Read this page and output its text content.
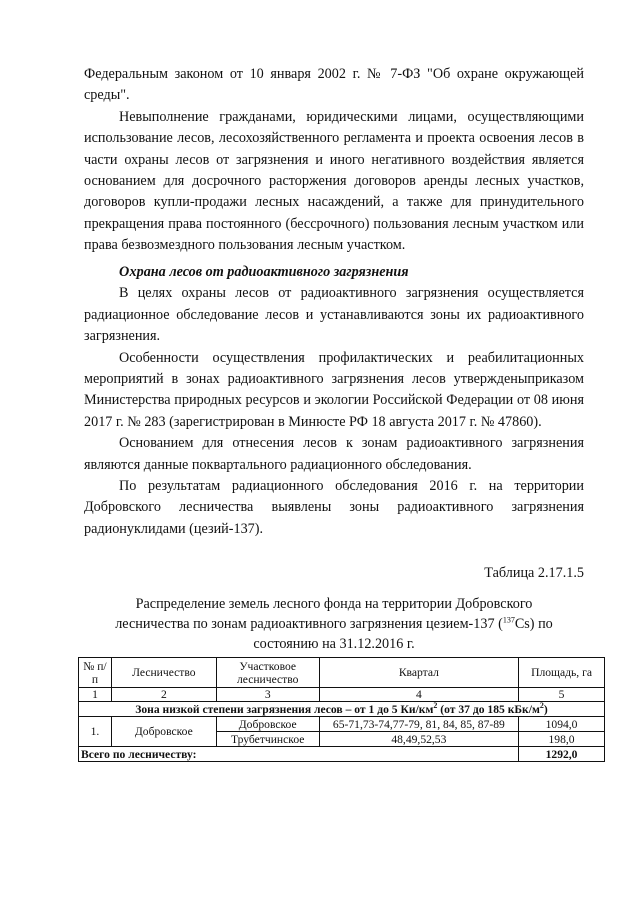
Федеральным законом от 10 января 2002 г. № 7-ФЗ "Об охране окружающей среды".

Невыполнение гражданами, юридическими лицами, осуществляющими использование лесов, лесохозяйственного регламента и проекта освоения лесов в части охраны лесов от загрязнения и иного негативного воздействия является основанием для досрочного расторжения договоров аренды лесных участков, договоров купли-продажи лесных насаждений, а также для принудительного прекращения права постоянного (бессрочного) пользования лесным участком или права безвозмездного пользования лесным участком.

Охрана лесов от радиоактивного загрязнения

В целях охраны лесов от радиоактивного загрязнения осуществляется радиационное обследование лесов и устанавливаются зоны их радиоактивного загрязнения.

Особенности осуществления профилактических и реабилитационных мероприятий в зонах радиоактивного загрязнения лесов утвержденыприказом Министерства природных ресурсов и экологии Российской Федерации от 08 июня 2017 г. № 283 (зарегистрирован в Минюсте РФ 18 августа 2017 г. № 47860).

Основанием для отнесения лесов к зонам радиоактивного загрязнения являются данные поквартального радиационного обследования.

По результатам радиационного обследования 2016 г. на территории Добровского лесничества выявлены зоны радиоактивного загрязнения радионуклидами (цезий-137).

Таблица 2.17.1.5

Распределение земель лесного фонда на территории Добровского

лесничества по зонам радиоактивного загрязнения цезием-137 ($^{137}$Cs) по

состоянию на 31.12.2016 г.

№ п/п	Лесничество	Участковое лесничество	Квартал	Площадь, га
1	2	3	4	5
Зона низкой степени загрязнения лесов – от 1 до 5 $Ки/км^2$ (от 37 до 185 кБк/$м^2$)				
1.	Добровское	Добровское	65-71,73-74,77-79, 81, 84, 85, 87-89	1094,0
		Трубетчинское	48,49,52,53	198,0
Всего по лесничеству:				1292,0
